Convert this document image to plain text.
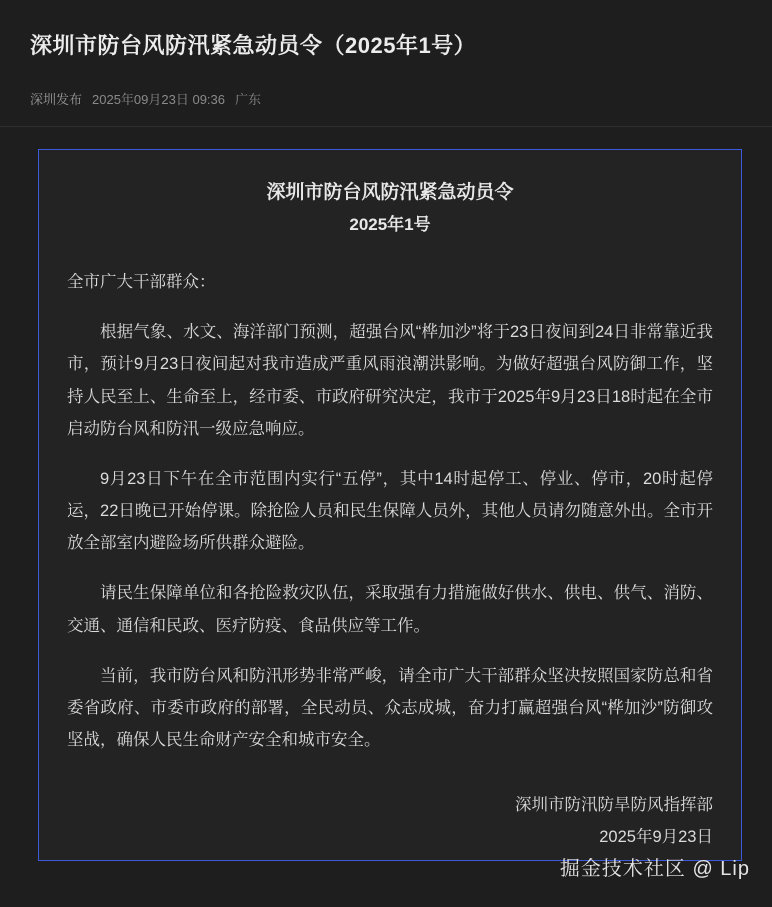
深圳市防台风防汛紧急动员令（2025年1号）
深圳发布 2025年09月23日 09:36 广东
深圳市防台风防汛紧急动员令
2025年1号
全市广大干部群众：

根据气象、水文、海洋部门预测，超强台风“桦加沙”将于23日夜间到24日非常靠近我市，预计9月23日夜间起对我市造成严重风雨浪潮洪影响。为做好超强台风防御工作，坚持人民至上、生命至上，经市委、市政府研究决定，我市于2025年9月23日18时起在全市启动防台风和防汛一级应急响应。

9月23日下午在全市范围内实行“五停”，其中14时起停工、停业、停市，20时起停运，22日晚已开始停课。除抢险人员和民生保障人员外，其他人员请勿随意外出。全市开放全部室内避险场所供群众避险。

请民生保障单位和各抢险救灾队伍，采取强有力措施做好供水、供电、供气、消防、交通、通信和民政、医疗防疫、食品供应等工作。

当前，我市防台风和防汛形势非常严峻，请全市广大干部群众坚决按照国家防总和省委省政府、市委市政府的部署，全民动员、众志成城，奋力打赢超强台风“桦加沙”防御攻坚战，确保人民生命财产安全和城市安全。

深圳市防汛防旱防风指挥部
2025年9月23日
掘金技术社区 @ Lip
